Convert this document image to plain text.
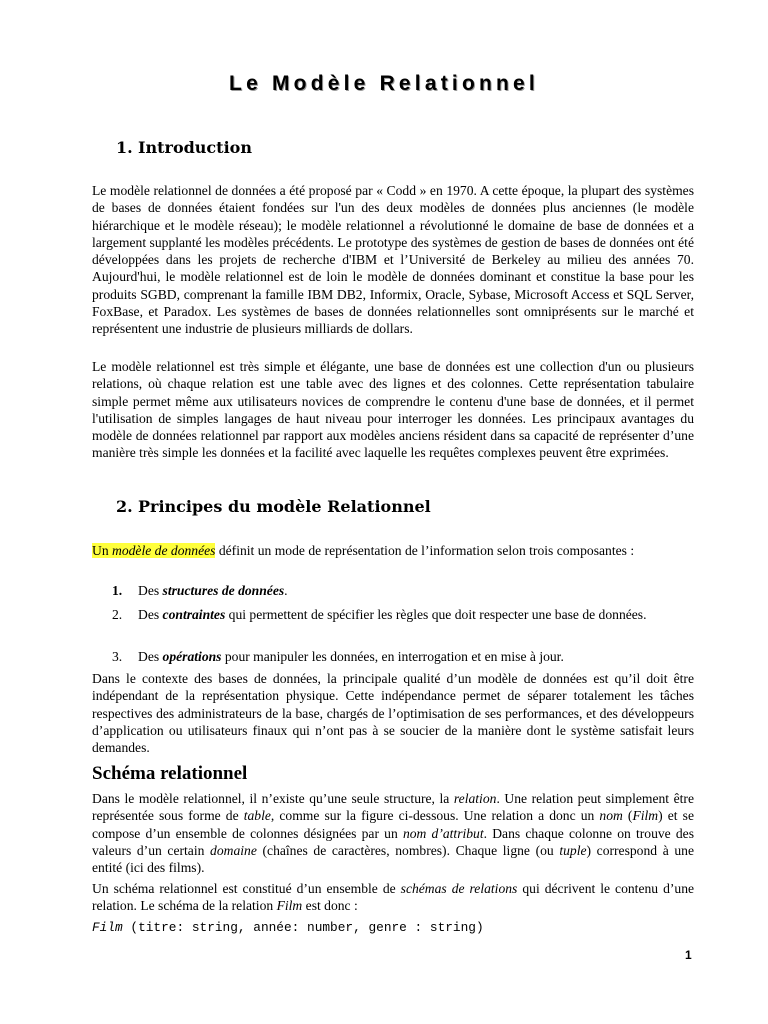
Le Modèle Relationnel
1. Introduction
Le modèle relationnel de données a été proposé par « Codd » en 1970. A cette époque, la plupart des systèmes de bases de données étaient fondées sur l'un des deux modèles de données plus anciennes (le modèle hiérarchique et le modèle réseau); le modèle relationnel a révolutionné le domaine de base de données et a largement supplanté les modèles précédents. Le prototype des systèmes de gestion de bases de données ont été développées dans les projets de recherche d'IBM et l’Université de Berkeley au milieu des années 70. Aujourd'hui, le modèle relationnel est de loin le modèle de données dominant et constitue la base pour les produits SGBD, comprenant la famille IBM DB2, Informix, Oracle, Sybase, Microsoft Access et SQL Server, FoxBase, et Paradox. Les systèmes de bases de données relationnelles sont omniprésents sur le marché et représentent une industrie de plusieurs milliards de dollars.
Le modèle relationnel est très simple et élégante, une base de données est une collection d'un ou plusieurs relations, où chaque relation est une table avec des lignes et des colonnes. Cette représentation tabulaire simple permet même aux utilisateurs novices de comprendre le contenu d'une base de données, et il permet l'utilisation de simples langages de haut niveau pour interroger les données. Les principaux avantages du modèle de données relationnel par rapport aux modèles anciens résident dans sa capacité de représenter d’une manière très simple les données et la facilité avec laquelle les requêtes complexes peuvent être exprimées.
2. Principes du modèle Relationnel
Un modèle de données définit un mode de représentation de l’information selon trois composantes :
1. Des structures de données.
2. Des contraintes qui permettent de spécifier les règles que doit respecter une base de données.
3. Des opérations pour manipuler les données, en interrogation et en mise à jour.
Dans le contexte des bases de données, la principale qualité d’un modèle de données est qu’il doit être indépendant de la représentation physique. Cette indépendance permet de séparer totalement les tâches respectives des administrateurs de la base, chargés de l’optimisation de ses performances, et des développeurs d’application ou utilisateurs finaux qui n’ont pas à se soucier de la manière dont le système satisfait leurs demandes.
Schéma relationnel
Dans le modèle relationnel, il n’existe qu’une seule structure, la relation. Une relation peut simplement être représentée sous forme de table, comme sur la figure ci-dessous. Une relation a donc un nom (Film) et se compose d’un ensemble de colonnes désignées par un nom d’attribut. Dans chaque colonne on trouve des valeurs d’un certain domaine (chaînes de caractères, nombres). Chaque ligne (ou tuple) correspond à une entité (ici des films).
Un schéma relationnel est constitué d’un ensemble de schémas de relations qui décrivent le contenu d’une relation. Le schéma de la relation Film est donc :
Film (titre: string, année: number, genre : string)
1
